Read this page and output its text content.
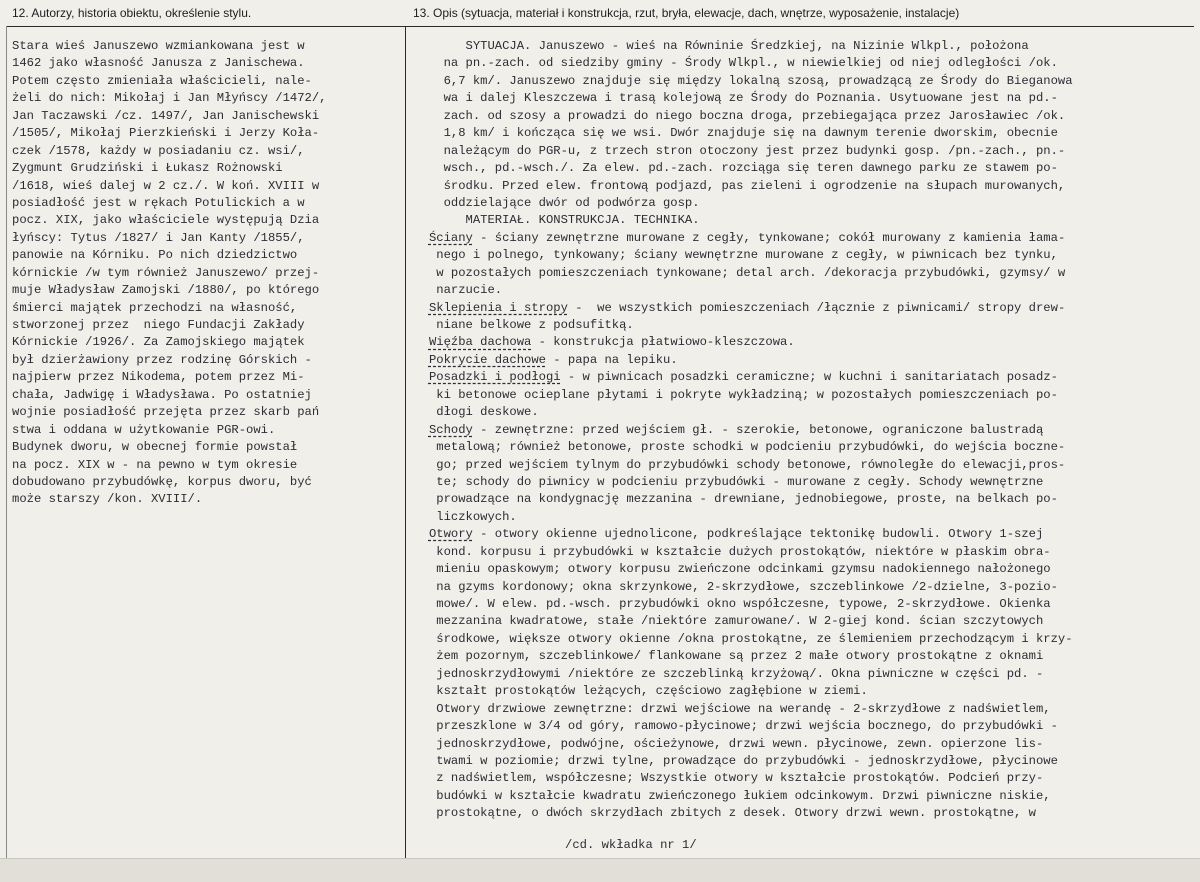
12. Autorzy, historia obiektu, określenie stylu.	13. Opis (sytuacja, materiał i konstrukcja, rzut, bryła, elewacje, dach, wnętrze, wyposażenie, instalacje)
Stara wieś Januszewo wzmiankowana jest w
1462 jako własność Janusza z Janischewa.
Potem często zmieniała właścicieli, nale-
żeli do nich: Mikołaj i Jan Młyńscy /1472/,
Jan Taczawski /cz. 1497/, Jan Janischewski
/1505/, Mikołaj Pierzkieński i Jerzy Koła-
czek /1578, każdy w posiadaniu cz. wsi/,
Zygmunt Grudziński i Łukasz Rożnowski
/1618, wieś dalej w 2 cz./. W koń. XVIII w
posiadłość jest w rękach Potulickich a w
pocz. XIX, jako właściciele występują Dzia
łyńscy: Tytus /1827/ i Jan Kanty /1855/,
panowie na Kórniku. Po nich dziedzictwo
kórnickie /w tym również Januszewo/ przej-
muje Władysław Zamojski /1880/, po którego
śmierci majątek przechodzi na własność,
stworzonej przez  niego Fundacji Zakłady
Kórnickie /1926/. Za Zamojskiego majątek
był dzierżawiony przez rodzinę Górskich -
najpierw przez Nikodema, potem przez Mi-
chała, Jadwigę i Władysława. Po ostatniej
wojnie posiadłość przejęta przez skarb pań
stwa i oddana w użytkowanie PGR-owi.
Budynek dworu, w obecnej formie powstał
na pocz. XIX w - na pewno w tym okresie
dobudowano przybudówkę, korpus dworu, być
może starszy /kon. XVIII/.
SYTUACJA. Januszewo - wieś na Równinie Średzkiej, na Nizinie Wlkpl., położona
na pn.-zach. od siedziby gminy - Środy Wlkpl., w niewielkiej od niej odległości /ok.
6,7 km/. Januszewo znajduje się między lokalną szosą, prowadzącą ze Środy do Bieganowa
wa i dalej Kleszczewa i trasą kolejową ze Środy do Poznania. Usytuowane jest na pd.-
zach. od szosy a prowadzi do niego boczna droga, przebiegająca przez Jarosławiec /ok.
1,8 km/ i kończąca się we wsi. Dwór znajduje się na dawnym terenie dworskim, obecnie
należącym do PGR-u, z trzech stron otoczony jest przez budynki gosp. /pn.-zach., pn.-
wsch., pd.-wsch./. Za elew. pd.-zach. rozciąga się teren dawnego parku ze stawem po-
środku. Przed elew. frontową podjazd, pas zieleni i ogrodzenie na słupach murowanych,
oddzielające dwór od podwórza gosp.
MATERIAŁ. KONSTRUKCJA. TECHNIKA.
Ściany - ściany zewnętrzne murowane z cegły, tynkowane; cokół murowany z kamienia łama-
nego i polnego, tynkowany; ściany wewnętrzne murowane z cegły, w piwnicach bez tynku,
w pozostałych pomieszczeniach tynkowane; detal arch. /dekoracja przybudówki, gzymsy/ w
narzucie.
Sklepienia i stropy -  we wszystkich pomieszczeniach /łącznie z piwnicami/ stropy drew-
niane belkowe z podsufitką.
Więźba dachowa - konstrukcja płatwiowo-kleszczowa.
Pokrycie dachowe - papa na lepiku.
Posadzki i podłogi - w piwnicach posadzki ceramiczne; w kuchni i sanitariatach posadz-
ki betonowe ocieplane płytami i pokryte wykładziną; w pozostałych pomieszczeniach po-
dłogi deskowe.
Schody - zewnętrzne: przed wejściem gł. - szerokie, betonowe, ograniczone balustradą
metalową; również betonowe, proste schodki w podcieniu przybudówki, do wejścia boczne-
go; przed wejściem tylnym do przybudówki schody betonowe, równoległe do elewacji,pros-
te; schody do piwnicy w podcieniu przybudówki - murowane z cegły. Schody wewnętrzne
prowadzące na kondygnację mezzanina - drewniane, jednobiegowe, proste, na belkach po-
liczkowych.
Otwory - otwory okienne ujednolicone, podkreślające tektonikę budowli. Otwory 1-szej
kond. korpusu i przybudówki w kształcie dużych prostokątów, niektóre w płaskim obra-
mieniu opaskowym; otwory korpusu zwieńczone odcinkami gzymsu nadokiennego nałożonego
na gzyms kordonowy; okna skrzynkowe, 2-skrzydłowe, szczeblinkowe /2-dzielne, 3-pozio-
mowe/. W elew. pd.-wsch. przybudówki okno współczesne, typowe, 2-skrzydłowe. Okienka
mezzanina kwadratowe, stałe /niektóre zamurowane/. W 2-giej kond. ścian szczytowych
środkowe, większe otwory okienne /okna prostokątne, ze ślemieniem przechodzącym i krzy-
żem pozornym, szczeblinkowe/ flankowane są przez 2 małe otwory prostokątne z oknami
jednoskrzydłowymi /niektóre ze szczeblinką krzyżową/. Okna piwniczne w części pd. -
kształt prostokątów leżących, częściowo zagłębione w ziemi.
Otwory drzwiowe zewnętrzne: drzwi wejściowe na werandę - 2-skrzydłowe z nadświetlem,
przeszklone w 3/4 od góry, ramowo-płycinowe; drzwi wejścia bocznego, do przybudówki -
jednoskrzydłowe, podwójne, ościeżynowe, drzwi wewn. płycinowe, zewn. opierzone lis-
twami w poziomie; drzwi tylne, prowadzące do przybudówki - jednoskrzydłowe, płycinowe
z nadświetlem, współczesne; Wszystkie otwory w kształcie prostokątów. Podcień przy-
budówki w kształcie kwadratu zwieńczonego łukiem odcinkowym. Drzwi piwniczne niskie,
prostokątne, o dwóch skrzydłach zbitych z desek. Otwory drzwi wewn. prostokątne, w
/cd. wkładka nr 1/
